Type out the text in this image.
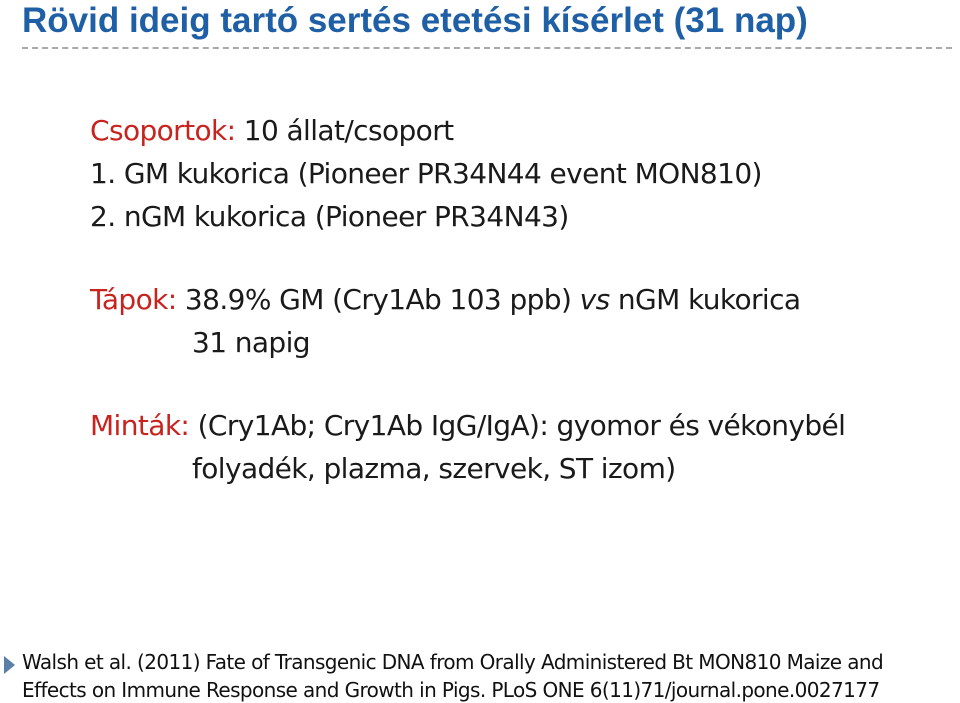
Rövid ideig tartó sertés etetési kísérlet (31 nap)
Csoportok: 10 állat/csoport
1. GM kukorica (Pioneer PR34N44 event MON810)
2. nGM kukorica (Pioneer PR34N43)
Tápok: 38.9% GM (Cry1Ab 103 ppb) vs nGM kukorica
31 napig
Minták: (Cry1Ab; Cry1Ab IgG/IgA): gyomor és vékonybél
folyadék, plazma, szervek, ST izom)
Walsh et al. (2011) Fate of Transgenic DNA from Orally Administered Bt MON810 Maize and
Effects on Immune Response and Growth in Pigs. PLoS ONE 6(11)71/journal.pone.0027177
